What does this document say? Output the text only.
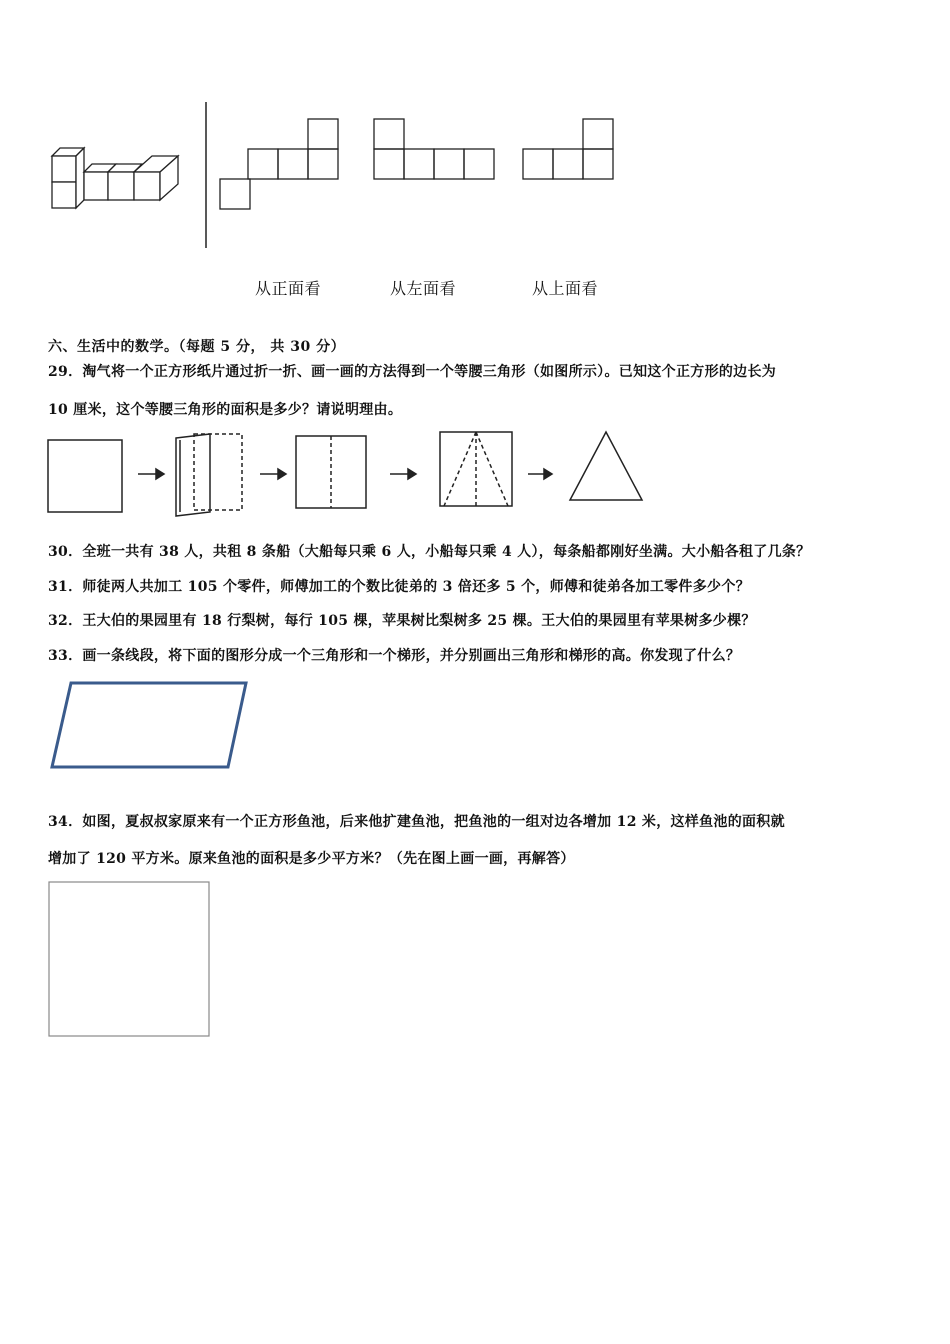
从正面看	从左面看	从上面看
六、生活中的数学。（每题 5 分， 共 30 分）
29．淘气将一个正方形纸片通过折一折、画一画的方法得到一个等腰三角形（如图所示）。已知这个正方形的边长为
10 厘米，这个等腰三角形的面积是多少？请说明理由。
30．全班一共有 38 人，共租 8 条船（大船每只乘 6 人，小船每只乘 4 人），每条船都刚好坐满。大小船各租了几条？
31．师徒两人共加工 105 个零件，师傅加工的个数比徒弟的 3 倍还多 5 个，师傅和徒弟各加工零件多少个？
32．王大伯的果园里有 18 行梨树，每行 105 棵，苹果树比梨树多 25 棵。王大伯的果园里有苹果树多少棵？
33．画一条线段，将下面的图形分成一个三角形和一个梯形，并分别画出三角形和梯形的高。你发现了什么？
34．如图，夏叔叔家原来有一个正方形鱼池，后来他扩建鱼池，把鱼池的一组对边各增加 12 米，这样鱼池的面积就
增加了 120 平方米。原来鱼池的面积是多少平方米？（先在图上画一画，再解答）
